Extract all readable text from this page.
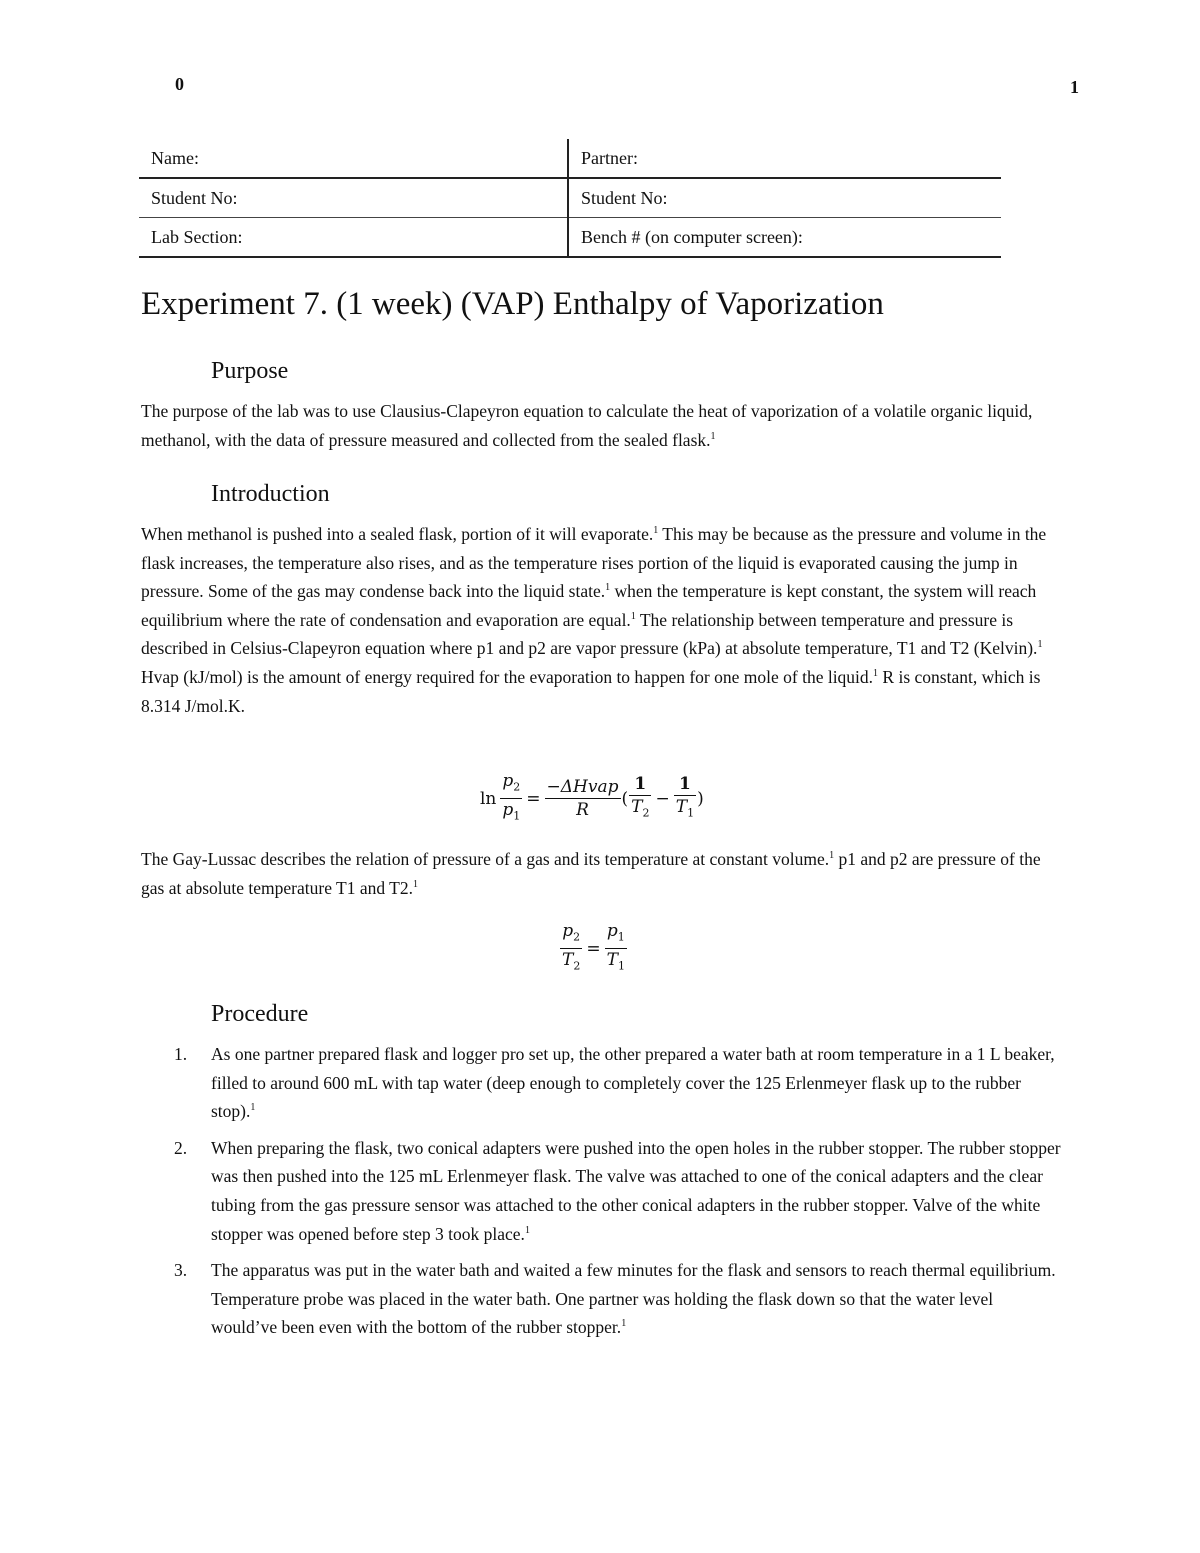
0	1
Name:	Partner:
Student No:	Student No:
Lab Section:	Bench # (on computer screen):
Experiment 7. (1 week) (VAP) Enthalpy of Vaporization
Purpose

The purpose of the lab was to use Clausius-Clapeyron equation to calculate the heat of vaporization of a volatile organic liquid, methanol, with the data of pressure measured and collected from the sealed flask.$^1$

Introduction

When methanol is pushed into a sealed flask, portion of it will evaporate.$^1$ This may be because as the pressure and volume in the flask increases, the temperature also rises, and as the temperature rises portion of the liquid is evaporated causing the jump in pressure. Some of the gas may condense back into the liquid state.$^1$ when the temperature is kept constant, the system will reach equilibrium where the rate of condensation and evaporation are equal.$^1$ The relationship between temperature and pressure is described in Celsius-Clapeyron equation where p1 and p2 are vapor pressure (kPa) at absolute temperature, T1 and T2 (Kelvin).$^1$ Hvap (kJ/mol) is the amount of energy required for the evaporation to happen for one mole of the liquid.$^1$ R is constant, which is 8.314 J/mol.K.

$\ln \frac{p_2}{p_1} = \frac{\text{−ΔHvap}}{R}$ ( $\frac{1}{T_2} - \frac{1}{T_1}$ )

The Gay-Lussac describes the relation of pressure of a gas and its temperature at constant volume.$^1$ p1 and p2 are pressure of the gas at absolute temperature T1 and T2.$^1$

$\frac{p_2}{T_2} = \frac{p_1}{T_1}$
Procedure
1. As one partner prepared flask and logger pro set up, the other prepared a water bath at room temperature in a 1 L beaker, filled to around 600 mL with tap water (deep enough to completely cover the 125 Erlenmeyer flask up to the rubber stop).$^1$
2. When preparing the flask, two conical adapters were pushed into the open holes in the rubber stopper. The rubber stopper was then pushed into the 125 mL Erlenmeyer flask. The valve was attached to one of the conical adapters and the clear tubing from the gas pressure sensor was attached to the other conical adapters in the rubber stopper. Valve of the white stopper was opened before step 3 took place.$^1$
3. The apparatus was put in the water bath and waited a few minutes for the flask and sensors to reach thermal equilibrium. Temperature probe was placed in the water bath. One partner was holding the flask down so that the water level would’ve been even with the bottom of the rubber stopper.$^1$
